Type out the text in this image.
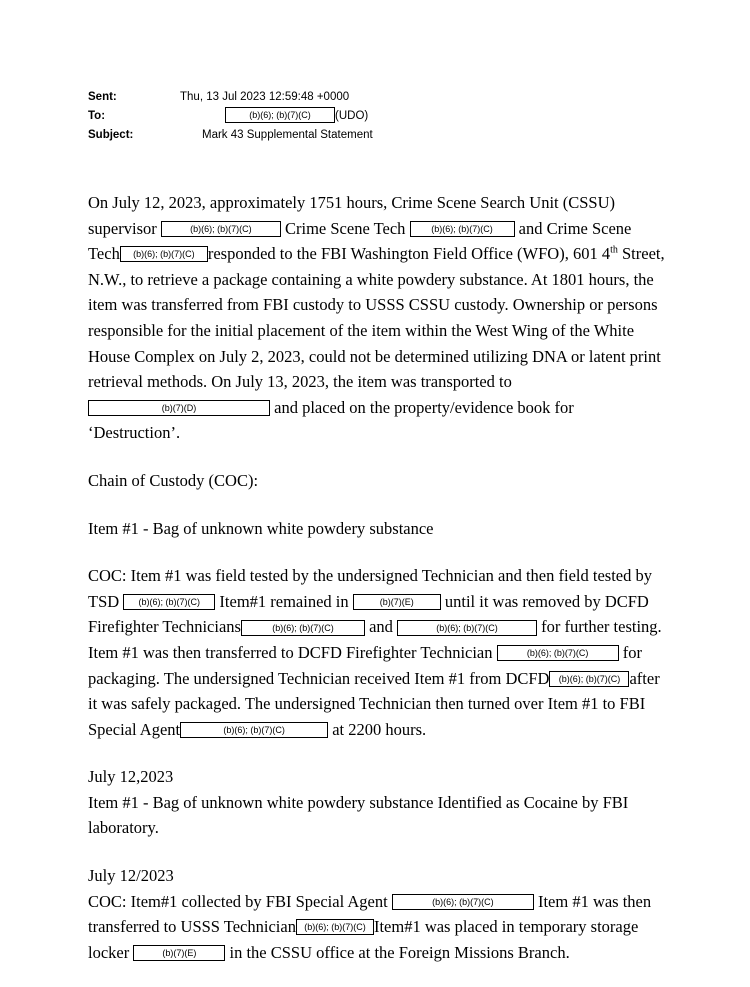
Sent:	Thu, 13 Jul 2023 12:59:48 +0000
To:	(b)(6); (b)(7)(C) (UDO)
Subject:	Mark 43 Supplemental Statement

On July 12, 2023, approximately 1751 hours, Crime Scene Search Unit (CSSU) supervisor	(b)(6); (b)(7)(C) Crime Scene Tech	(b)(6); (b)(7)(C) and Crime Scene Tech (b)(6); (b)(7)(C) responded to the FBI Washington Field Office (WFO), 601 4th Street, N.W., to retrieve a package containing a white powdery substance. At 1801 hours, the item was transferred from FBI custody to USSS CSSU custody. Ownership or persons responsible for the initial placement of the item within the West Wing of the White House Complex on July 2, 2023, could not be determined utilizing DNA or latent print retrieval methods. On July 13, 2023, the item was transported to(b)(7)(D)	and placed on the property/evidence book for ‘Destruction’.

Chain of Custody (COC):

Item #1 - Bag of unknown white powdery substance

COC: Item #1 was field tested by the undersigned Technician and then field tested by TSD (b)(6); (b)(7)(C) Item#1 remained in	(b)(7)(E) until it was removed by DCFD Firefighter Technicians	(b)(6); (b)(7)(C) and	(b)(6); (b)(7)(C)	for further testing. Item #1 was then transferred to DCFD Firefighter Technician	(b)(6); (b)(7)(C) for packaging. The undersigned Technician received Item #1 from DCFD (b)(6); (b)(7)(C) after it was safely packaged. The undersigned Technician then turned over Item #1 to FBI Special Agent	(b)(6); (b)(7)(C)	at 2200 hours.

July 12,2023

Item #1 - Bag of unknown white powdery substance Identified as Cocaine by FBI laboratory.

July 12/2023

COC: Item#1 collected by FBI Special Agent	(b)(6); (b)(7)(C)	Item #1 was then transferred to USSS Technician (b)(6); (b)(7)(C) Item#1 was placed in temporary storage locker	(b)(7)(E) in the CSSU office at the Foreign Missions Branch.
